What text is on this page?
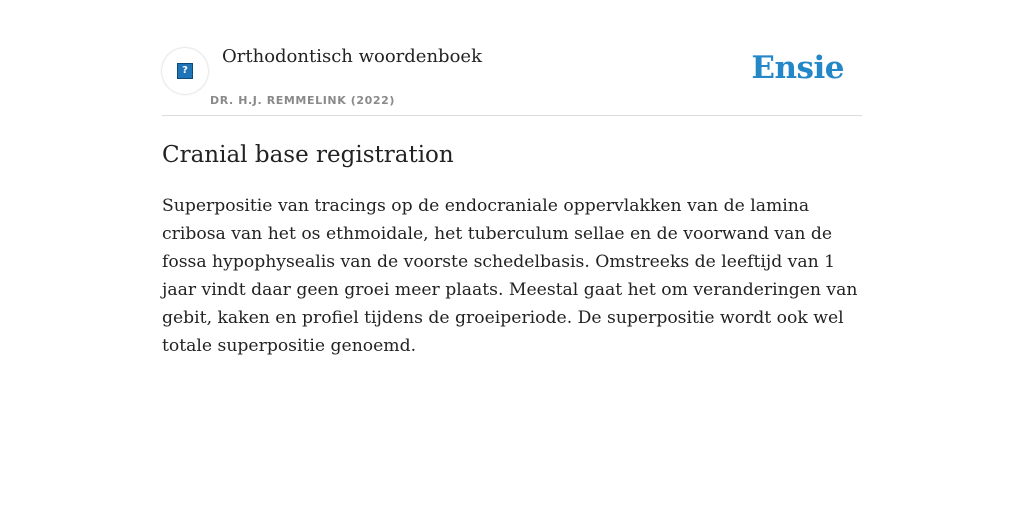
?
Orthodontisch woordenboek
DR. H.J. REMMELINK (2022)
Ensie
Cranial base registration

Superpositie van tracings op de endocraniale oppervlakken van de lamina cribosa van het os ethmoidale, het tuberculum sellae en de voorwand van de fossa hypophysealis van de voorste schedelbasis. Omstreeks de leeftijd van 1 jaar vindt daar geen groei meer plaats. Meestal gaat het om veranderingen van gebit, kaken en profiel tijdens de groeiperiode. De superpositie wordt ook wel totale superpositie genoemd.
